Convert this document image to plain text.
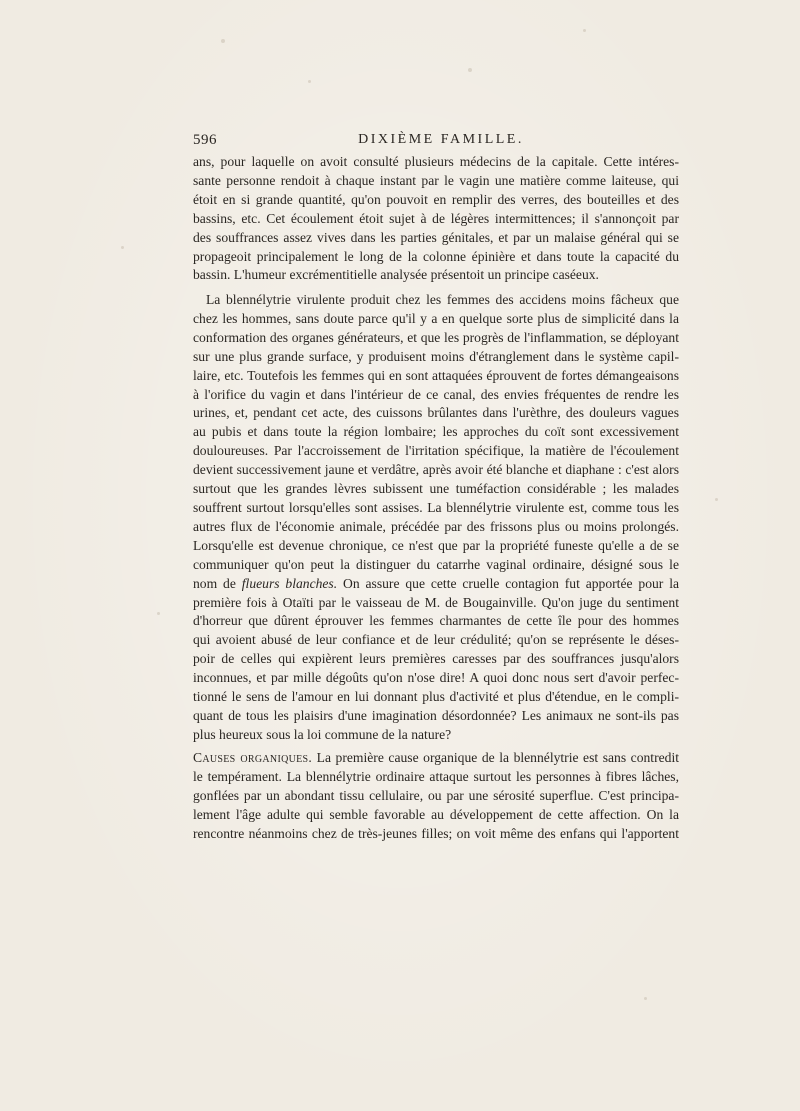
596	DIXIÈME FAMILLE.
ans, pour laquelle on avoit consulté plusieurs médecins de la capitale. Cette intéres-
sante personne rendoit à chaque instant par le vagin une matière comme laiteuse, qui
étoit en si grande quantité, qu'on pouvoit en remplir des verres, des bouteilles et des
bassins, etc. Cet écoulement étoit sujet à de légères intermittences; il s'annonçoit par
des souffrances assez vives dans les parties génitales, et par un malaise général qui se
propageoit principalement le long de la colonne épinière et dans toute la capacité du
bassin. L'humeur excrémentitielle analysée présentoit un principe caséeux.
La blennélytrie virulente produit chez les femmes des accidens moins fâcheux que
chez les hommes, sans doute parce qu'il y a en quelque sorte plus de simplicité dans la
conformation des organes générateurs, et que les progrès de l'inflammation, se déployant
sur une plus grande surface, y produisent moins d'étranglement dans le système capil-
laire, etc. Toutefois les femmes qui en sont attaquées éprouvent de fortes démangeaisons
à l'orifice du vagin et dans l'intérieur de ce canal, des envies fréquentes de rendre les
urines, et, pendant cet acte, des cuissons brûlantes dans l'urèthre, des douleurs vagues
au pubis et dans toute la région lombaire; les approches du coït sont excessivement
douloureuses. Par l'accroissement de l'irritation spécifique, la matière de l'écoulement
devient successivement jaune et verdâtre, après avoir été blanche et diaphane : c'est alors
surtout que les grandes lèvres subissent une tuméfaction considérable ; les malades
souffrent surtout lorsqu'elles sont assises. La blennélytrie virulente est, comme tous les
autres flux de l'économie animale, précédée par des frissons plus ou moins prolongés.
Lorsqu'elle est devenue chronique, ce n'est que par la propriété funeste qu'elle a de se
communiquer qu'on peut la distinguer du catarrhe vaginal ordinaire, désigné sous le
nom de flueurs blanches. On assure que cette cruelle contagion fut apportée pour la
première fois à Otaïti par le vaisseau de M. de Bougainville. Qu'on juge du sentiment
d'horreur que dûrent éprouver les femmes charmantes de cette île pour des hommes
qui avoient abusé de leur confiance et de leur crédulité; qu'on se représente le déses-
poir de celles qui expièrent leurs premières caresses par des souffrances jusqu'alors
inconnues, et par mille dégoûts qu'on n'ose dire! A quoi donc nous sert d'avoir perfec-
tionné le sens de l'amour en lui donnant plus d'activité et plus d'étendue, en le compli-
quant de tous les plaisirs d'une imagination désordonnée? Les animaux ne sont-ils pas
plus heureux sous la loi commune de la nature?
Causes organiques. La première cause organique de la blennélytrie est sans contredit
le tempérament. La blennélytrie ordinaire attaque surtout les personnes à fibres lâches,
gonflées par un abondant tissu cellulaire, ou par une sérosité superflue. C'est principa-
lement l'âge adulte qui semble favorable au développement de cette affection. On la
rencontre néanmoins chez de très-jeunes filles; on voit même des enfans qui l'apportent
